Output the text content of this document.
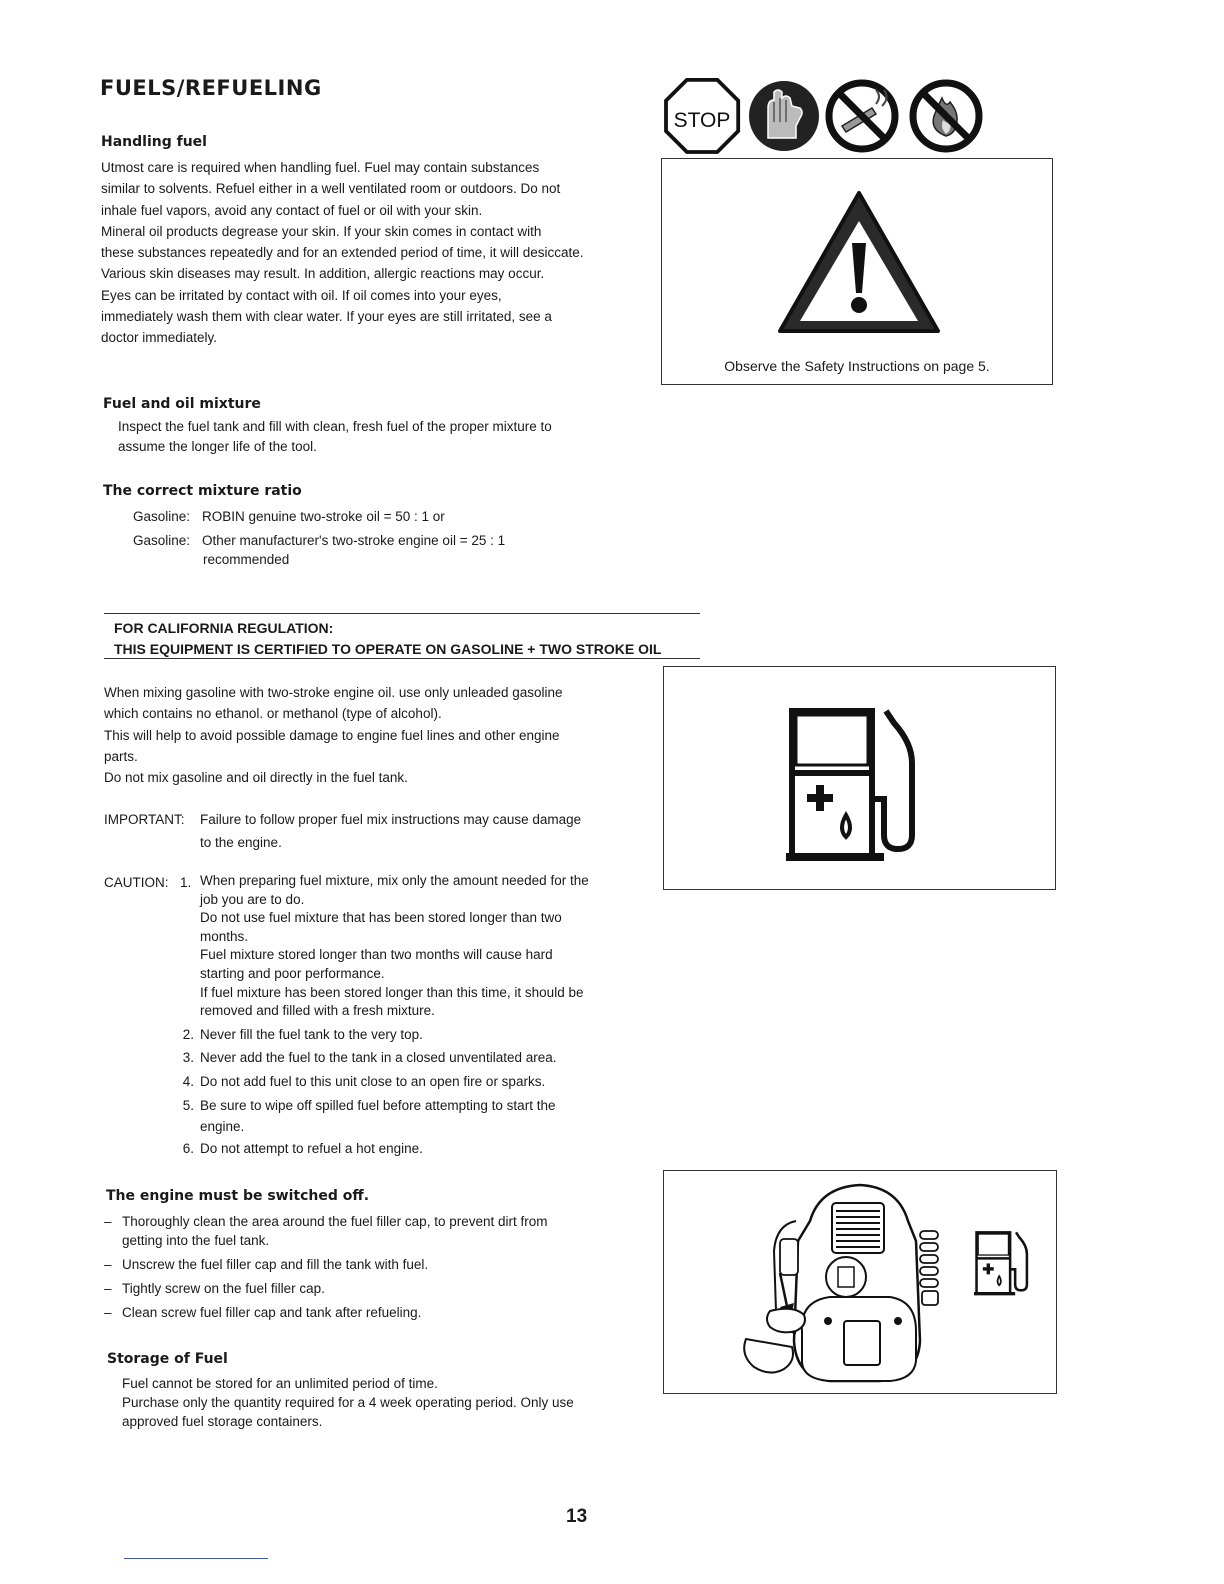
FUELS/REFUELING
Handling fuel
Utmost care is required when handling fuel. Fuel may contain substances
similar to solvents. Refuel either in a well ventilated room or outdoors. Do not
inhale fuel vapors, avoid any contact of fuel or oil with your skin.
Mineral oil products degrease your skin. If your skin comes in contact with
these substances repeatedly and for an extended period of time, it will desiccate.
Various skin diseases may result. In addition, allergic reactions may occur.
Eyes can be irritated by contact with oil. If oil comes into your eyes,
immediately wash them with clear water. If your eyes are still irritated, see a
doctor immediately.
STOP
Observe the Safety Instructions on page 5.
Fuel and oil mixture
Inspect the fuel tank and fill with clean, fresh fuel of the proper mixture to
assume the longer life of the tool.
The correct mixture ratio
Gasoline: ROBIN genuine two-stroke oil = 50 : 1 or
Gasoline: Other manufacturer's two-stroke engine oil = 25 : 1
recommended
FOR CALIFORNIA REGULATION:
THIS EQUIPMENT IS CERTIFIED TO OPERATE ON GASOLINE + TWO STROKE OIL
When mixing gasoline with two-stroke engine oil. use only unleaded gasoline
which contains no ethanol. or methanol (type of alcohol).
This will help to avoid possible damage to engine fuel lines and other engine
parts.
Do not mix gasoline and oil directly in the fuel tank.
IMPORTANT: Failure to follow proper fuel mix instructions may cause damage
to the engine.
CAUTION: 1. When preparing fuel mixture, mix only the amount needed for the
job you are to do.
Do not use fuel mixture that has been stored longer than two
months.
Fuel mixture stored longer than two months will cause hard
starting and poor performance.
If fuel mixture has been stored longer than this time, it should be
removed and filled with a fresh mixture.
2. Never fill the fuel tank to the very top.
3. Never add the fuel to the tank in a closed unventilated area.
4. Do not add fuel to this unit close to an open fire or sparks.
5. Be sure to wipe off spilled fuel before attempting to start the
engine.
6. Do not attempt to refuel a hot engine.
The engine must be switched off.
– Thoroughly clean the area around the fuel filler cap, to prevent dirt from
getting into the fuel tank.
– Unscrew the fuel filler cap and fill the tank with fuel.
– Tightly screw on the fuel filler cap.
– Clean screw fuel filler cap and tank after refueling.
Storage of Fuel
Fuel cannot be stored for an unlimited period of time.
Purchase only the quantity required for a 4 week operating period. Only use
approved fuel storage containers.
13
